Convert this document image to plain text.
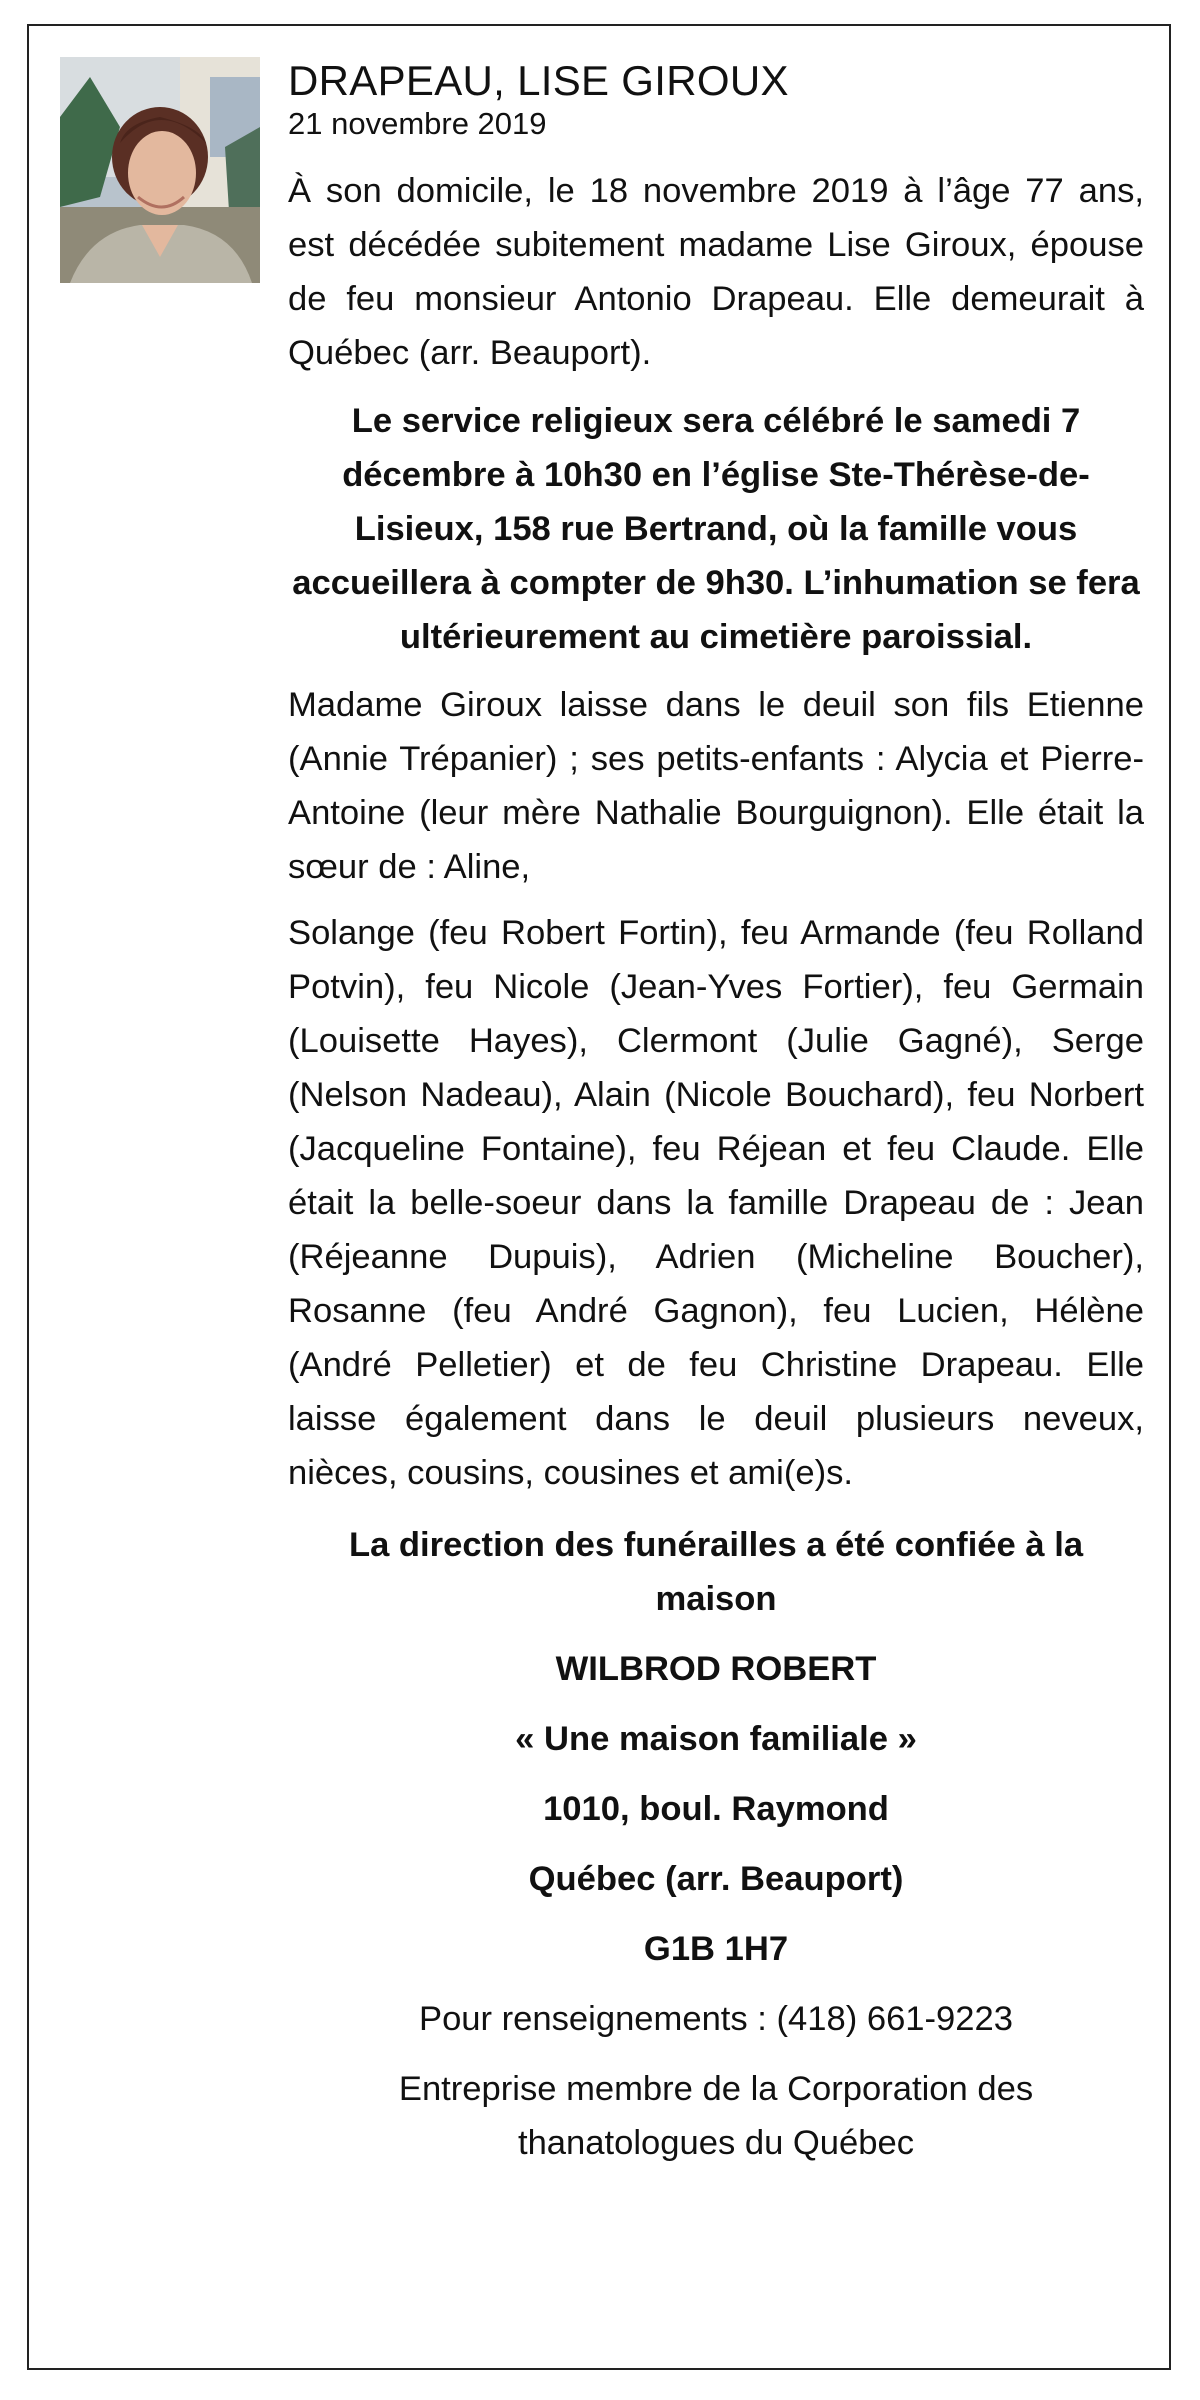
DRAPEAU, LISE GIROUX
21 novembre 2019

À son domicile, le 18 novembre 2019 à l’âge 77 ans, est décédée subitement madame Lise Giroux, épouse de feu monsieur Antonio Drapeau. Elle demeurait à Québec (arr. Beauport).

Le service religieux sera célébré le samedi 7 décembre à 10h30 en l’église Ste-Thérèse-de-Lisieux, 158 rue Bertrand, où la famille vous accueillera à compter de 9h30. L’inhumation se fera ultérieurement au cimetière paroissial.

Madame Giroux laisse dans le deuil son fils Etienne (Annie Trépanier) ; ses petits-enfants : Alycia et Pierre-Antoine (leur mère Nathalie Bourguignon). Elle était la sœur de : Aline,

Solange (feu Robert Fortin), feu Armande (feu Rolland Potvin), feu Nicole (Jean-Yves Fortier), feu Germain (Louisette Hayes), Clermont (Julie Gagné), Serge (Nelson Nadeau), Alain (Nicole Bouchard), feu Norbert (Jacqueline Fontaine), feu Réjean et feu Claude. Elle était la belle-soeur dans la famille Drapeau de : Jean (Réjeanne Dupuis), Adrien (Micheline Boucher), Rosanne (feu André Gagnon), feu Lucien, Hélène (André Pelletier) et de feu Christine Drapeau. Elle laisse également dans le deuil plusieurs neveux, nièces, cousins, cousines et ami(e)s.

La direction des funérailles a été confiée à la maison

WILBROD ROBERT

« Une maison familiale »

1010, boul. Raymond

Québec (arr. Beauport)

G1B 1H7

Pour renseignements : (418) 661-9223

Entreprise membre de la Corporation des thanatologues du Québec
